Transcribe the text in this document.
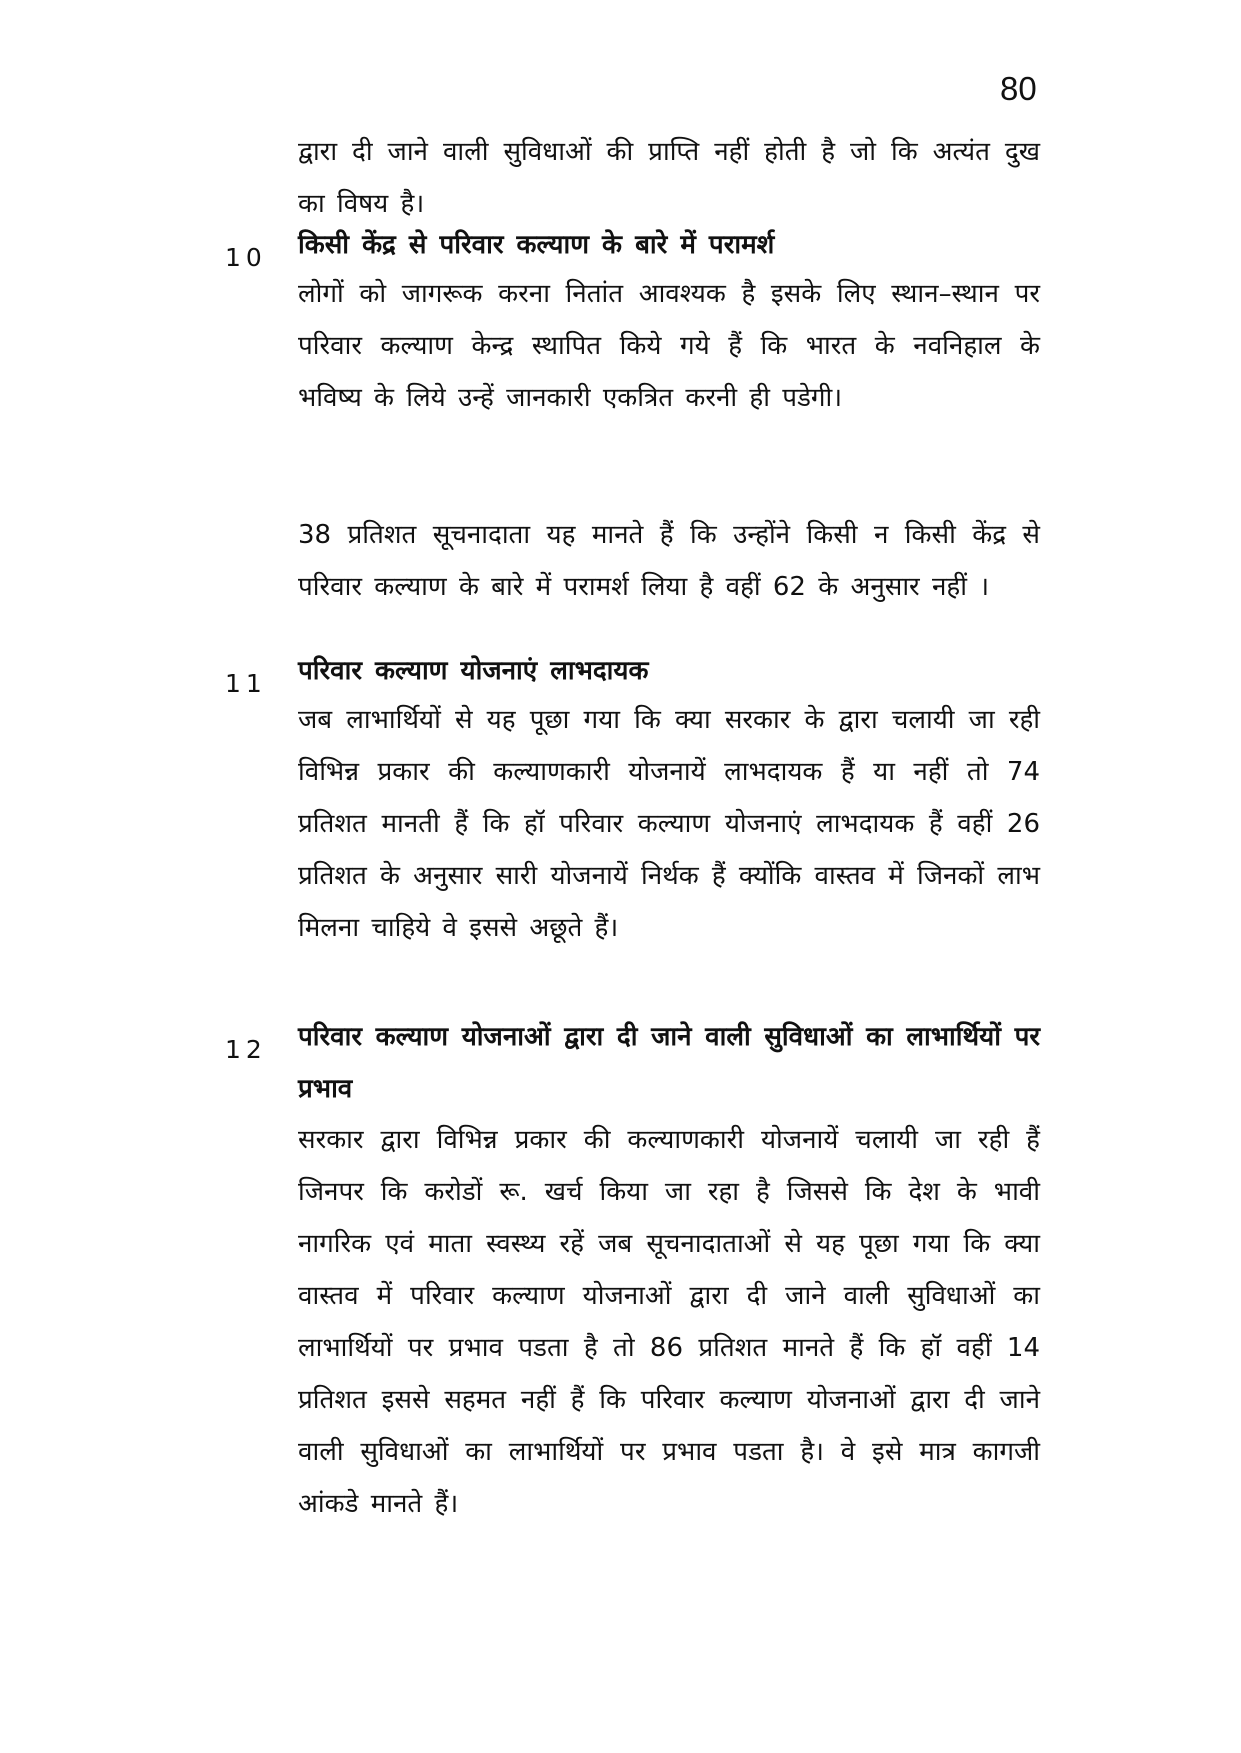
80
द्वारा दी जाने वाली सुविधाओं की प्राप्ति नहीं होती है जो कि अत्यंत दुख का विषय है।
10 किसी केंद्र से परिवार कल्याण के बारे में परामर्श
लोगों को जागरूक करना नितांत आवश्यक है इसके लिए स्थान–स्थान पर परिवार कल्याण केन्द्र स्थापित किये गये हैं कि भारत के नवनिहाल के भविष्य के लिये उन्हें जानकारी एकत्रित करनी ही पडेगी।
38 प्रतिशत सूचनादाता यह मानते हैं कि उन्होंने किसी न किसी केंद्र से परिवार कल्याण के बारे में परामर्श लिया है वहीं 62 के अनुसार नहीं ।
11 परिवार कल्याण योजनाएं लाभदायक
जब लाभार्थियों से यह पूछा गया कि क्या सरकार के द्वारा चलायी जा रही विभिन्न प्रकार की कल्याणकारी योजनायें लाभदायक हैं या नहीं तो 74 प्रतिशत मानती हैं कि हॉ परिवार कल्याण योजनाएं लाभदायक हैं वहीं 26 प्रतिशत के अनुसार सारी योजनायें निर्थक हैं क्योंकि वास्तव में जिनकों लाभ मिलना चाहिये वे इससे अछूते हैं।
12 परिवार कल्याण योजनाओं द्वारा दी जाने वाली सुविधाओं का लाभार्थियों पर प्रभाव
सरकार द्वारा विभिन्न प्रकार की कल्याणकारी योजनायें चलायी जा रही हैं जिनपर कि करोडों रू. खर्च किया जा रहा है जिससे कि देश के भावी नागरिक एवं माता स्वस्थ्य रहें जब सूचनादाताओं से यह पूछा गया कि क्या वास्तव में परिवार कल्याण योजनाओं द्वारा दी जाने वाली सुविधाओं का लाभार्थियों पर प्रभाव पडता है तो 86 प्रतिशत मानते हैं कि हॉ वहीं 14 प्रतिशत इससे सहमत नहीं हैं कि परिवार कल्याण योजनाओं द्वारा दी जाने वाली सुविधाओं का लाभार्थियों पर प्रभाव पडता है। वे इसे मात्र कागजी आंकडे मानते हैं।
